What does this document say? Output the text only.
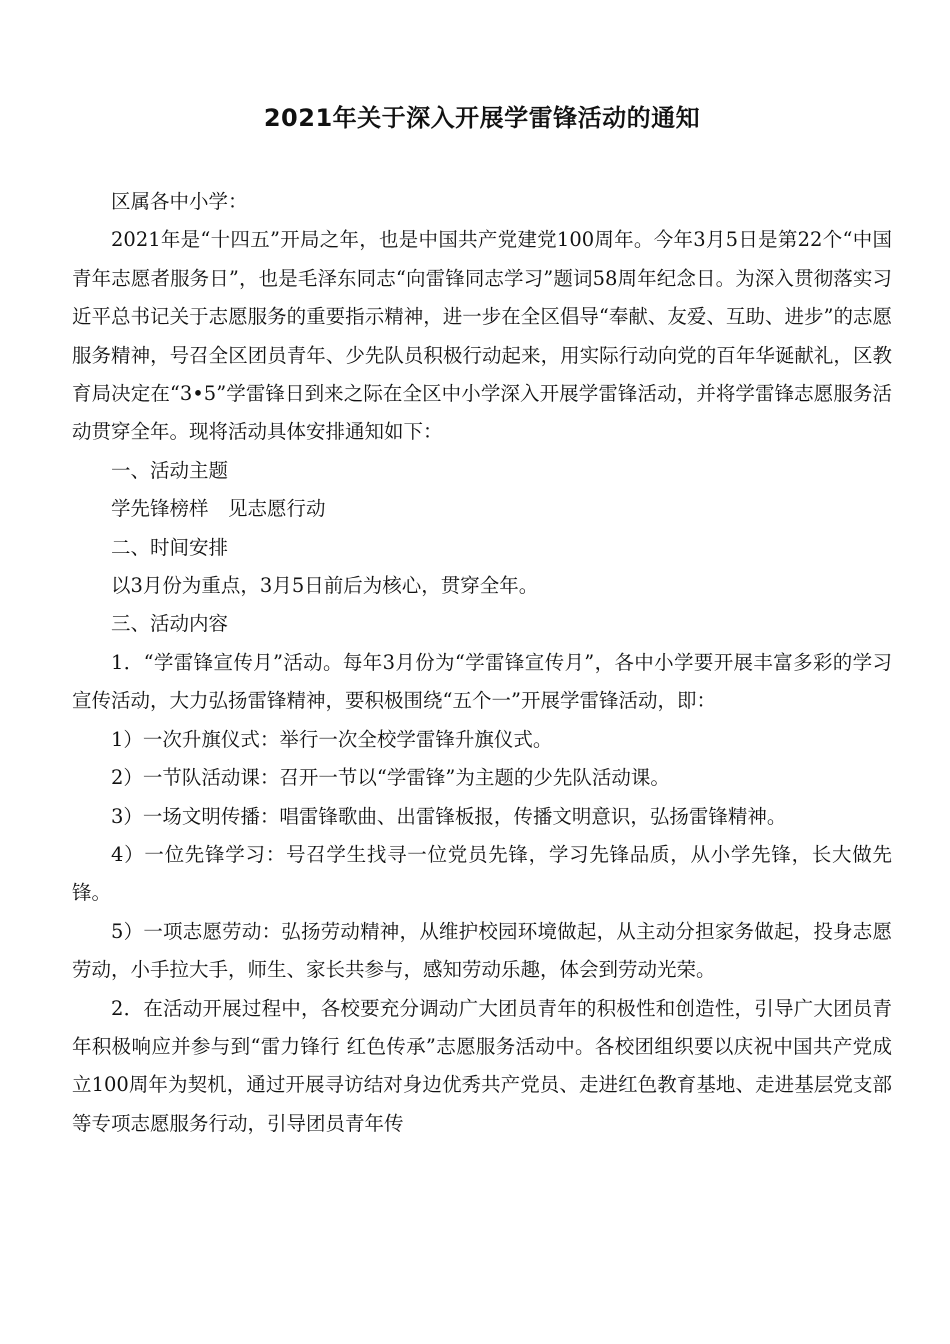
2021年关于深入开展学雷锋活动的通知

区属各中小学：

2021年是“十四五”开局之年，也是中国共产党建党100周年。今年3月5日是第22个“中国青年志愿者服务日”，也是毛泽东同志“向雷锋同志学习”题词58周年纪念日。为深入贯彻落实习近平总书记关于志愿服务的重要指示精神，进一步在全区倡导“奉献、友爱、互助、进步”的志愿服务精神，号召全区团员青年、少先队员积极行动起来，用实际行动向党的百年华诞献礼，区教育局决定在“3•5”学雷锋日到来之际在全区中小学深入开展学雷锋活动，并将学雷锋志愿服务活动贯穿全年。现将活动具体安排通知如下：

一、活动主题

学先锋榜样　见志愿行动

二、时间安排

以3月份为重点，3月5日前后为核心，贯穿全年。

三、活动内容

1．“学雷锋宣传月”活动。每年3月份为“学雷锋宣传月”，各中小学要开展丰富多彩的学习宣传活动，大力弘扬雷锋精神，要积极围绕“五个一”开展学雷锋活动，即：

1）一次升旗仪式：举行一次全校学雷锋升旗仪式。

2）一节队活动课：召开一节以“学雷锋”为主题的少先队活动课。

3）一场文明传播：唱雷锋歌曲、出雷锋板报，传播文明意识，弘扬雷锋精神。

4）一位先锋学习：号召学生找寻一位党员先锋，学习先锋品质，从小学先锋，长大做先锋。

5）一项志愿劳动：弘扬劳动精神，从维护校园环境做起，从主动分担家务做起，投身志愿劳动，小手拉大手，师生、家长共参与，感知劳动乐趣，体会到劳动光荣。

2．在活动开展过程中，各校要充分调动广大团员青年的积极性和创造性，引导广大团员青年积极响应并参与到“雷力锋行 红色传承”志愿服务活动中。各校团组织要以庆祝中国共产党成立100周年为契机，通过开展寻访结对身边优秀共产党员、走进红色教育基地、走进基层党支部等专项志愿服务行动，引导团员青年传
